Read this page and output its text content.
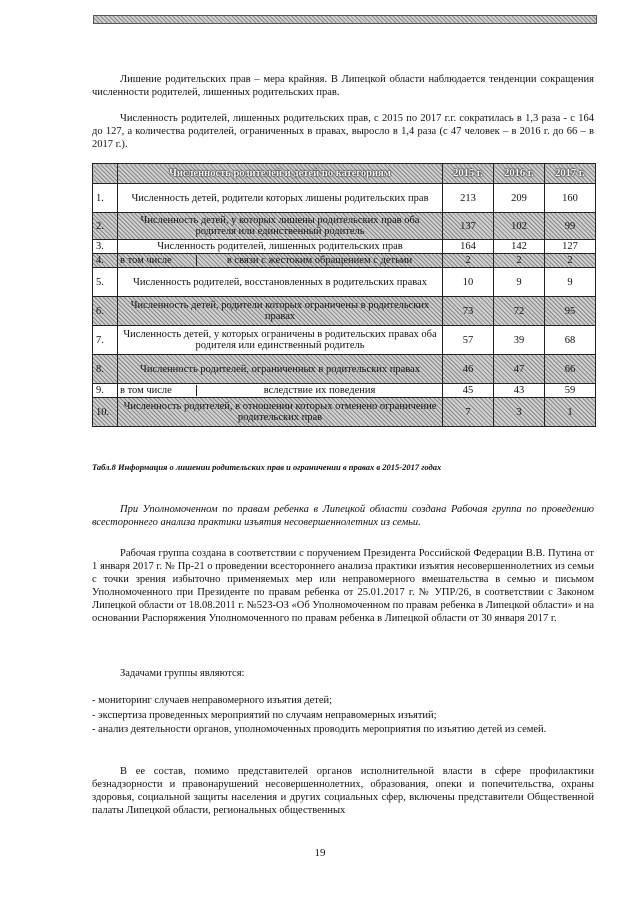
Лишение родительских прав – мера крайняя. В Липецкой области наблюдается тенденции сокращения численности родителей, лишенных родительских прав.

Численность родителей, лишенных родительских прав, с 2015 по 2017 г.г. сократилась в 1,3 раза - с 164 до 127, а количества родителей, ограниченных в правах, выросло в 1,4 раза (с 47 человек – в 2016 г. до 66 – в 2017 г.).

	Численность родителей и детей по категориям	2015 г.	2016 г.	2017 г.
1.	Численность детей, родители которых лишены родительских прав	213	209	160
2.	Численность детей, у которых лишены родительских прав оба родителя или единственный родитель	137	102	99
3.	Численность родителей, лишенных родительских прав	164	142	127
4.	в том числе в связи с жестоким обращением с детьми	2	2	2
5.	Численность родителей, восстановленных в родительских правах	10	9	9
6.	Численность детей, родители которых ограничены в родительских правах	73	72	95
7.	Численность детей, у которых ограничены в родительских правах оба родителя или единственный родитель	57	39	68
8.	Численность родителей, ограниченных в родительских правах	46	47	66
9.	в том числе вследствие их поведения	45	43	59
10.	Численность родителей, в отношении которых отменено ограничение родительских прав	7	3	1

Табл.8 Информация о лишении родительских прав и ограничении в правах в 2015-2017 годах

При Уполномоченном по правам ребенка в Липецкой области создана Рабочая группа по проведению всестороннего анализа практики изъятия несовершеннолетних из семьи.

Рабочая группа создана в соответствии с поручением Президента Российской Федерации В.В. Путина от 1 января 2017 г. № Пр-21 о проведении всестороннего анализа практики изъятия несовершеннолетних из семьи с точки зрения избыточно применяемых мер или неправомерного вмешательства в семью и письмом Уполномоченного при Президенте по правам ребенка от 25.01.2017 г. № УПР/26, в соответствии с Законом Липецкой области от 18.08.2011 г. №523-ОЗ «Об Уполномоченном по правам ребенка в Липецкой области» и на основании Распоряжения Уполномоченного по правам ребенка в Липецкой области от 30 января 2017 г.

Задачами группы являются:

- мониторинг случаев неправомерного изъятия детей;

- экспертиза проведенных мероприятий по случаям неправомерных изъятий;

- анализ деятельности органов, уполномоченных проводить мероприятия по изъятию детей из семей.

В ее состав, помимо представителей органов исполнительной власти в сфере профилактики безнадзорности и правонарушений несовершеннолетних, образования, опеки и попечительства, охраны здоровья, социальной защиты населения и других социальных сфер, включены представители Общественной палаты Липецкой области, региональных общественных

19
